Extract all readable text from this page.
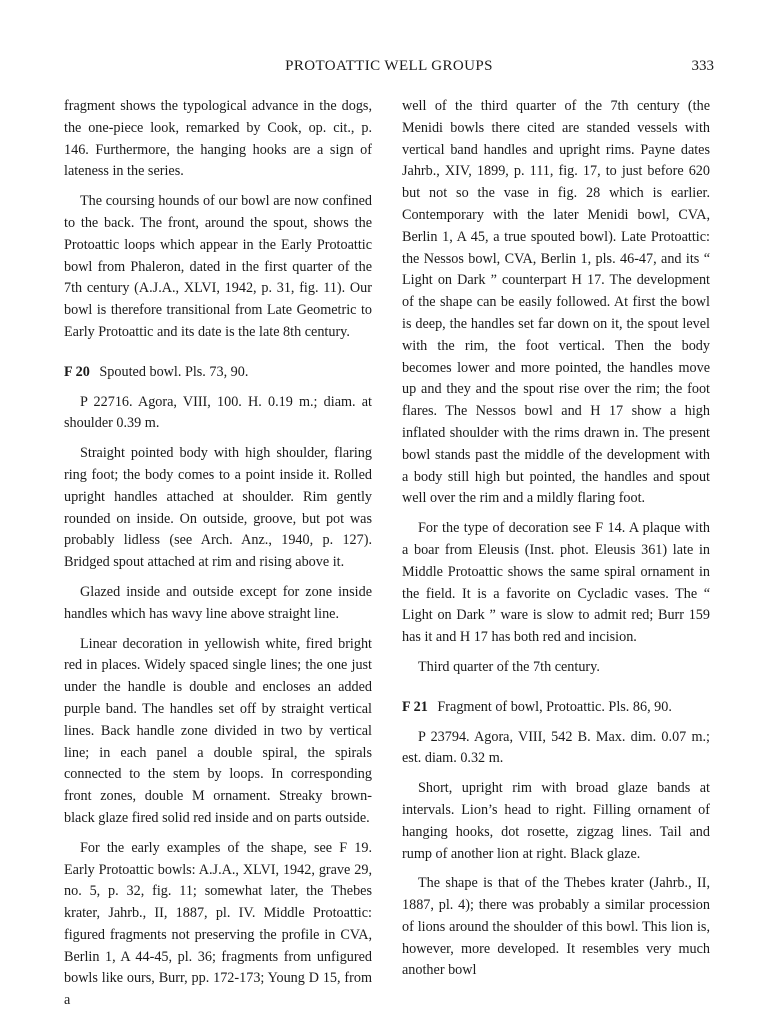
PROTOATTIC WELL GROUPS	333

fragment shows the typological advance in the dogs, the one-piece look, remarked by Cook, op. cit., p. 146. Furthermore, the hanging hooks are a sign of lateness in the series.

The coursing hounds of our bowl are now confined to the back. The front, around the spout, shows the Protoattic loops which appear in the Early Protoattic bowl from Phaleron, dated in the first quarter of the 7th century (A.J.A., XLVI, 1942, p. 31, fig. 11). Our bowl is therefore transitional from Late Geometric to Early Protoattic and its date is the late 8th century.

F 20 Spouted bowl. Pls. 73, 90.

P 22716. Agora, VIII, 100. H. 0.19 m.; diam. at shoulder 0.39 m.

Straight pointed body with high shoulder, flaring ring foot; the body comes to a point inside it. Rolled upright handles attached at shoulder. Rim gently rounded on inside. On outside, groove, but pot was probably lidless (see Arch. Anz., 1940, p. 127). Bridged spout attached at rim and rising above it.

Glazed inside and outside except for zone inside handles which has wavy line above straight line.

Linear decoration in yellowish white, fired bright red in places. Widely spaced single lines; the one just under the handle is double and encloses an added purple band. The handles set off by straight vertical lines. Back handle zone divided in two by vertical line; in each panel a double spiral, the spirals connected to the stem by loops. In corresponding front zones, double M ornament. Streaky brown-black glaze fired solid red inside and on parts outside.

For the early examples of the shape, see F 19. Early Protoattic bowls: A.J.A., XLVI, 1942, grave 29, no. 5, p. 32, fig. 11; somewhat later, the Thebes krater, Jahrb., II, 1887, pl. IV. Middle Protoattic: figured fragments not preserving the profile in CVA, Berlin 1, A 44-45, pl. 36; fragments from unfigured bowls like ours, Burr, pp. 172-173; Young D 15, from a

well of the third quarter of the 7th century (the Menidi bowls there cited are standed vessels with vertical band handles and upright rims. Payne dates Jahrb., XIV, 1899, p. 111, fig. 17, to just before 620 but not so the vase in fig. 28 which is earlier. Contemporary with the later Menidi bowl, CVA, Berlin 1, A 45, a true spouted bowl). Late Protoattic: the Nessos bowl, CVA, Berlin 1, pls. 46-47, and its “ Light on Dark ” counterpart H 17. The development of the shape can be easily followed. At first the bowl is deep, the handles set far down on it, the spout level with the rim, the foot vertical. Then the body becomes lower and more pointed, the handles move up and they and the spout rise over the rim; the foot flares. The Nessos bowl and H 17 show a high inflated shoulder with the rims drawn in. The present bowl stands past the middle of the development with a body still high but pointed, the handles and spout well over the rim and a mildly flaring foot.

For the type of decoration see F 14. A plaque with a boar from Eleusis (Inst. phot. Eleusis 361) late in Middle Protoattic shows the same spiral ornament in the field. It is a favorite on Cycladic vases. The “ Light on Dark ” ware is slow to admit red; Burr 159 has it and H 17 has both red and incision.

Third quarter of the 7th century.

F 21 Fragment of bowl, Protoattic. Pls. 86, 90.

P 23794. Agora, VIII, 542 B. Max. dim. 0.07 m.; est. diam. 0.32 m.

Short, upright rim with broad glaze bands at intervals. Lion’s head to right. Filling ornament of hanging hooks, dot rosette, zigzag lines. Tail and rump of another lion at right. Black glaze.

The shape is that of the Thebes krater (Jahrb., II, 1887, pl. 4); there was probably a similar procession of lions around the shoulder of this bowl. This lion is, however, more developed. It resembles very much another bowl
